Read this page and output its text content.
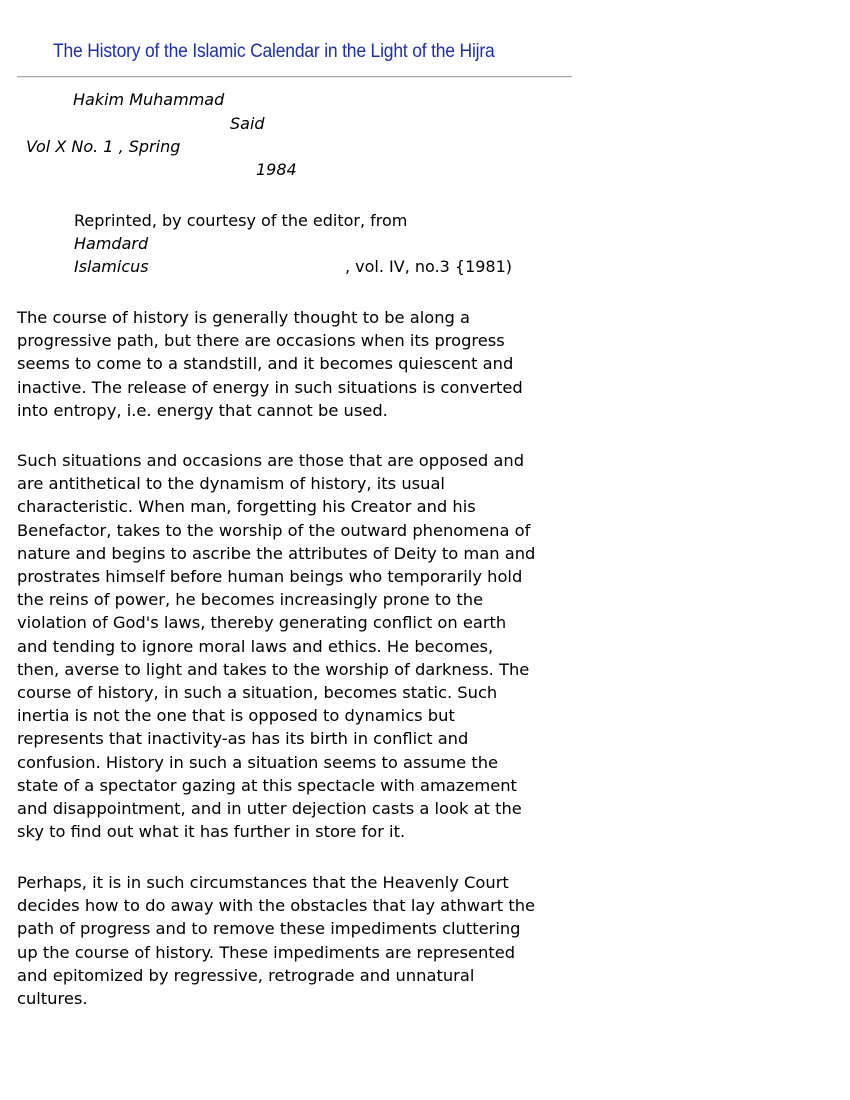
The History of the Islamic Calendar in the Light of the Hijra
Hakim Muhammad
Said
Vol X No. 1 , Spring
1984
Reprinted, by courtesy of the editor, from
Hamdard
Islamicus	, vol. IV, no.3 {1981)

The course of history is generally thought to be along a
progressive path, but there are occasions when its progress
seems to come to a standstill, and it becomes quiescent and
inactive. The release of energy in such situations is converted
into entropy, i.e. energy that cannot be used.

Such situations and occasions are those that are opposed and
are antithetical to the dynamism of history, its usual
characteristic. When man, forgetting his Creator and his
Benefactor, takes to the worship of the outward phenomena of
nature and begins to ascribe the attributes of Deity to man and
prostrates himself before human beings who temporarily hold
the reins of power, he becomes increasingly prone to the
violation of God's laws, thereby generating conflict on earth
and tending to ignore moral laws and ethics. He becomes,
then, averse to light and takes to the worship of darkness. The
course of history, in such a situation, becomes static. Such
inertia is not the one that is opposed to dynamics but
represents that inactivity-as has its birth in conflict and
confusion. History in such a situation seems to assume the
state of a spectator gazing at this spectacle with amazement
and disappointment, and in utter dejection casts a look at the
sky to find out what it has further in store for it.

Perhaps, it is in such circumstances that the Heavenly Court
decides how to do away with the obstacles that lay athwart the
path of progress and to remove these impediments cluttering
up the course of history. These impediments are represented
and epitomized by regressive, retrograde and unnatural
cultures.
